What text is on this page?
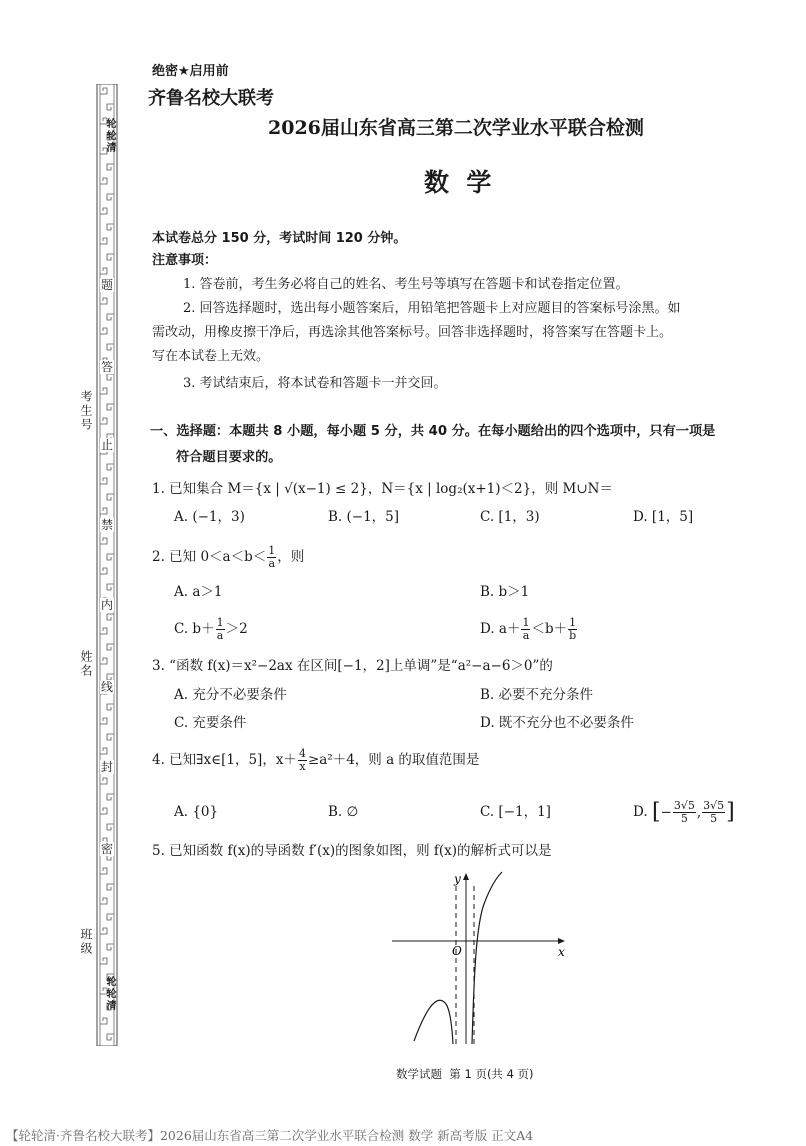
轮轮清
轮轮清
题
答
止
禁
内
线
封
密
考生号
姓名
班级
绝密★启用前
齐鲁名校大联考
2026届山东省高三第二次学业水平联合检测
数  学
本试卷总分 150 分，考试时间 120 分钟。
注意事项：
1. 答卷前，考生务必将自己的姓名、考生号等填写在答题卡和试卷指定位置。
2. 回答选择题时，选出每小题答案后，用铅笔把答题卡上对应题目的答案标号涂黑。如
需改动，用橡皮擦干净后，再选涂其他答案标号。回答非选择题时，将答案写在答题卡上。
写在本试卷上无效。
3. 考试结束后，将本试卷和答题卡一并交回。
一、选择题：本题共 8 小题，每小题 5 分，共 40 分。在每小题给出的四个选项中，只有一项是
符合题目要求的。
1. 已知集合 M＝{x | √(x−1) ≤ 2}，N＝{x | log₂(x+1)＜2}，则 M∪N＝
A. (−1，3)	B. (−1，5]	C. [1，3)	D. [1，5]
2. 已知 $0<a<b< \frac{1}{a}$ ，则
A. a＞1	B. b＞1
C. $b+ \frac{1}{a} >2$	D. $a+ \frac{1}{a} <b+ \frac{1}{b}$
3. “函数 f(x)＝x²−2ax 在区间[−1，2]上单调”是“a²−a−6＞0”的
A. 充分不必要条件	B. 必要不充分条件
C. 充要条件	D. 既不充分也不必要条件
4. 已知∃x∈[1，5]，$x+ \frac{4}{x} \ge a^2+4$，则 a 的取值范围是
A. {0}	B. ∅	C. [−1，1]	D. [− $\frac{3√5}{5}$ , $\frac{3√5}{5}$ ]
5. 已知函数 f(x)的导函数 f′(x)的图象如图，则 f(x)的解析式可以是
y
x
O
数学试题  第 1 页(共 4 页)
【轮轮清·齐鲁名校大联考】2026届山东省高三第二次学业水平联合检测 数学 新高考版 正文A4
